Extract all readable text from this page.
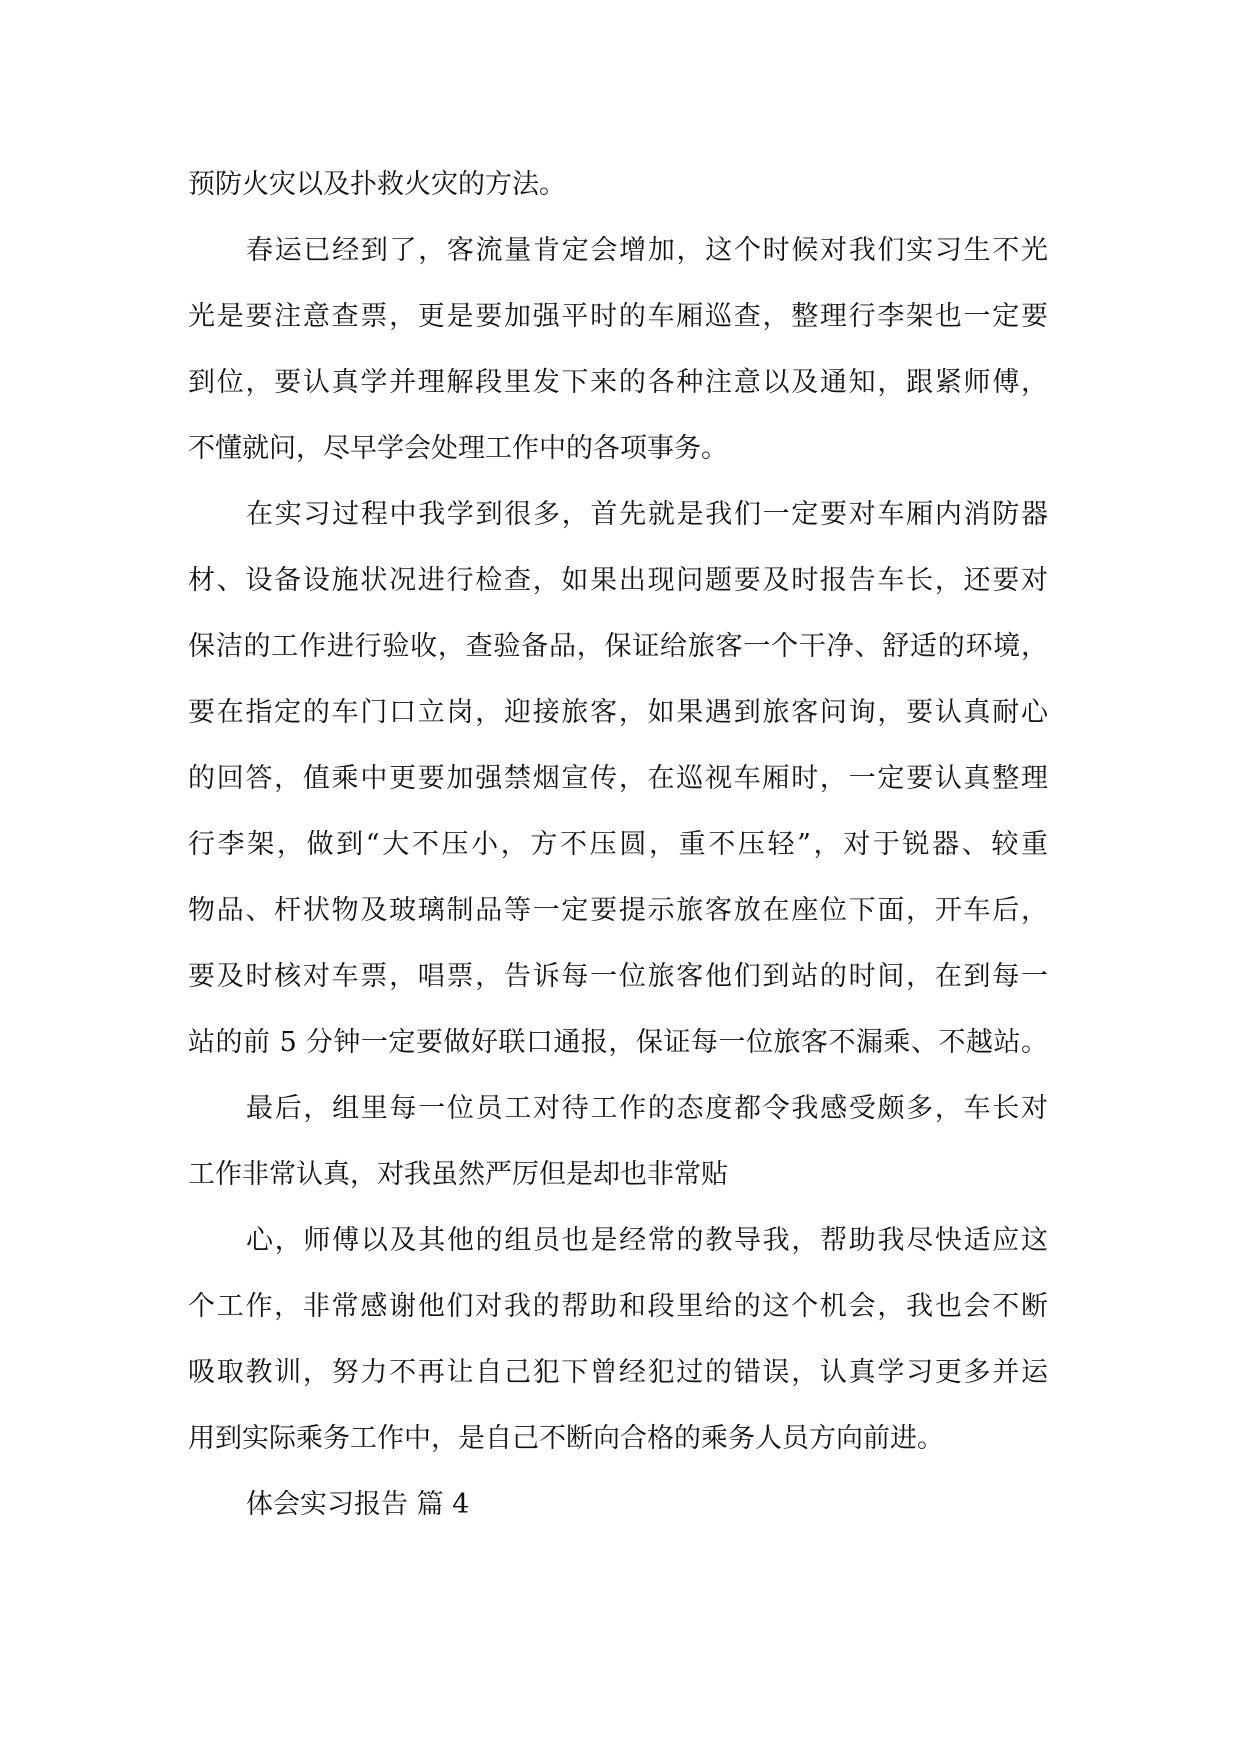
预防火灾以及扑救火灾的方法。
春运已经到了，客流量肯定会增加，这个时候对我们实习生不光
光是要注意查票，更是要加强平时的车厢巡查，整理行李架也一定要
到位，要认真学并理解段里发下来的各种注意以及通知，跟紧师傅，
不懂就问，尽早学会处理工作中的各项事务。
在实习过程中我学到很多，首先就是我们一定要对车厢内消防器
材、设备设施状况进行检查，如果出现问题要及时报告车长，还要对
保洁的工作进行验收，查验备品，保证给旅客一个干净、舒适的环境，
要在指定的车门口立岗，迎接旅客，如果遇到旅客问询，要认真耐心
的回答，值乘中更要加强禁烟宣传，在巡视车厢时，一定要认真整理
行李架，做到“大不压小，方不压圆，重不压轻”，对于锐器、较重
物品、杆状物及玻璃制品等一定要提示旅客放在座位下面，开车后，
要及时核对车票，唱票，告诉每一位旅客他们到站的时间，在到每一
站的前 5 分钟一定要做好联口通报，保证每一位旅客不漏乘、不越站。
最后，组里每一位员工对待工作的态度都令我感受颇多，车长对
工作非常认真，对我虽然严厉但是却也非常贴
心，师傅以及其他的组员也是经常的教导我，帮助我尽快适应这
个工作，非常感谢他们对我的帮助和段里给的这个机会，我也会不断
吸取教训，努力不再让自己犯下曾经犯过的错误，认真学习更多并运
用到实际乘务工作中，是自己不断向合格的乘务人员方向前进。
体会实习报告 篇 4
